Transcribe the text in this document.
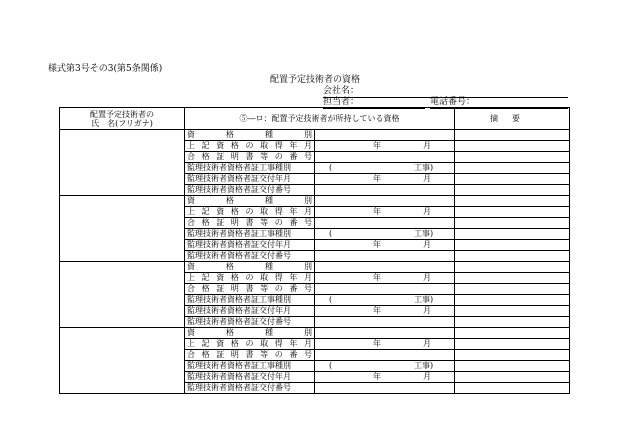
様式第3号その3(第5条関係)
配置予定技術者の資格
会社名：
担当者：	電話番号：
配置予定技術者の
氏　名(フリガナ)	⑤―ロ：配置予定技術者が所持している資格		摘要
	資格種別		
	上記資格の取得年月	年 月	

	合格証明書等の番号		
	監理技術者資格者証工事種別	( 工事)	

	監理技術者資格者証交付年月	年 月	

	監理技術者資格者証交付番号		
	資格種別		
	上記資格の取得年月	年 月	

	合格証明書等の番号		
	監理技術者資格者証工事種別	( 工事)	

	監理技術者資格者証交付年月	年 月	

	監理技術者資格者証交付番号		
	資格種別		
	上記資格の取得年月	年 月	

	合格証明書等の番号		
	監理技術者資格者証工事種別	( 工事)	

	監理技術者資格者証交付年月	年 月	

	監理技術者資格者証交付番号		
	資格種別		
	上記資格の取得年月	年 月	

	合格証明書等の番号		
	監理技術者資格者証工事種別	( 工事)	

	監理技術者資格者証交付年月	年 月	

	監理技術者資格者証交付番号		
